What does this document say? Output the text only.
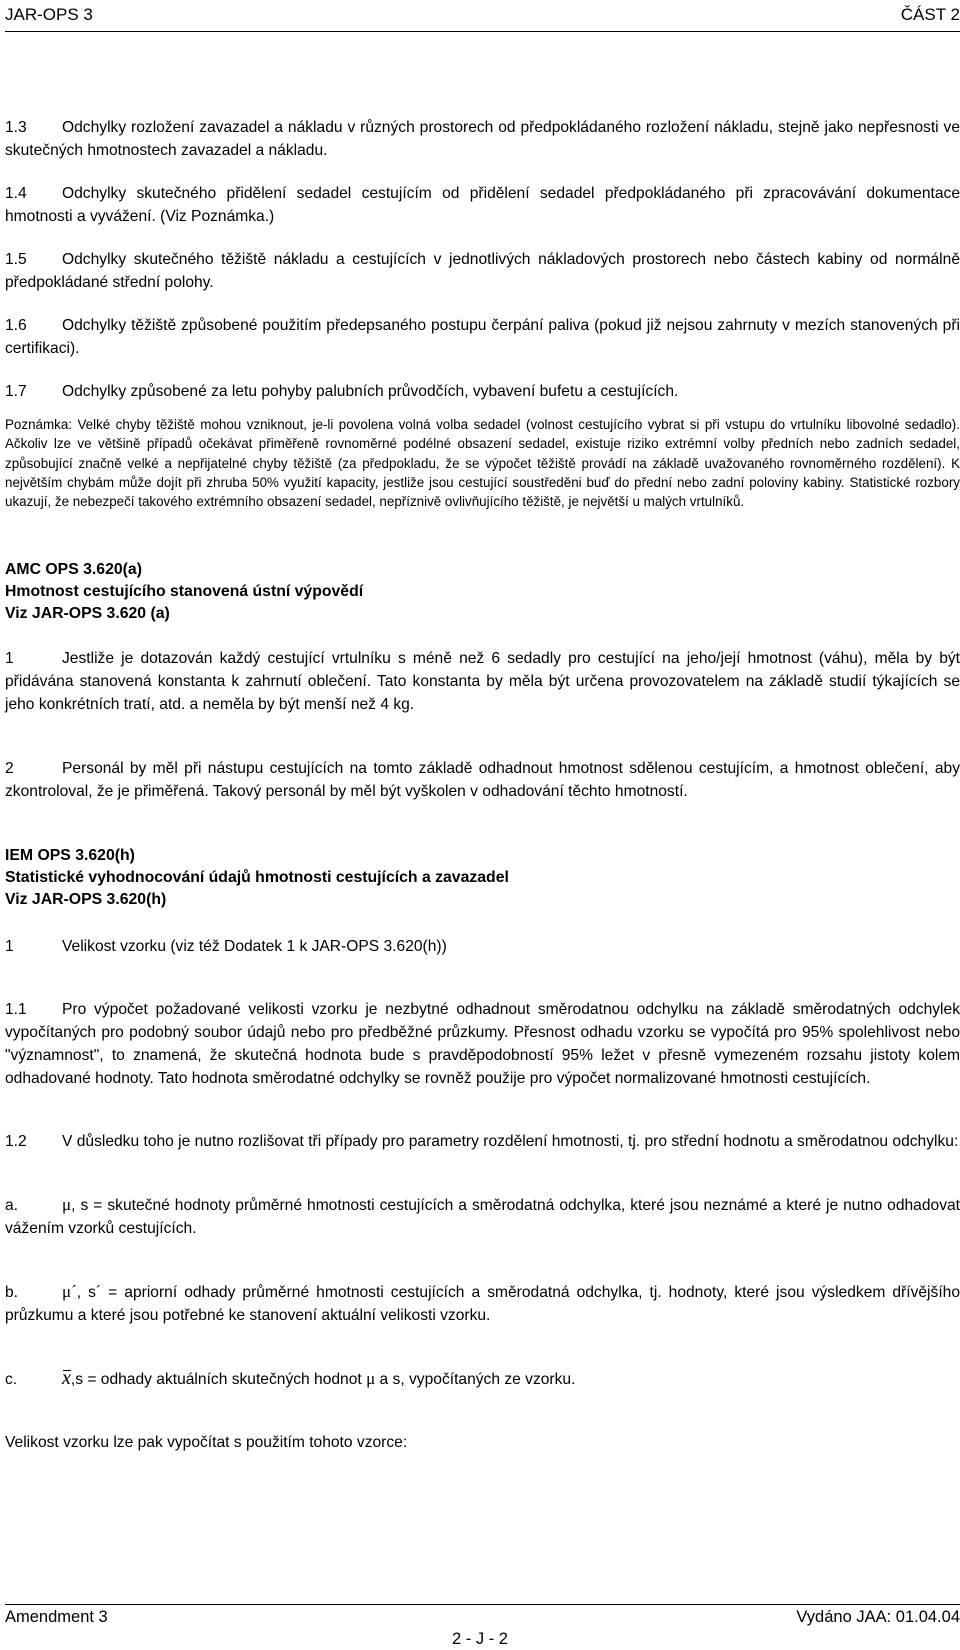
JAR-OPS 3	ČÁST 2

1.3 Odchylky rozložení zavazadel a nákladu v různých prostorech od předpokládaného rozložení nákladu, stejně jako nepřesnosti ve skutečných hmotnostech zavazadel a nákladu.

1.4 Odchylky skutečného přidělení sedadel cestujícím od přidělení sedadel předpokládaného při zpracovávání dokumentace hmotnosti a vyvážení. (Viz Poznámka.)

1.5 Odchylky skutečného těžiště nákladu a cestujících v jednotlivých nákladových prostorech nebo částech kabiny od normálně předpokládané střední polohy.

1.6 Odchylky těžiště způsobené použitím předepsaného postupu čerpání paliva (pokud již nejsou zahrnuty v mezích stanovených při certifikaci).

1.7 Odchylky způsobené za letu pohyby palubních průvodčích, vybavení bufetu a cestujících.

Poznámka: Velké chyby těžiště mohou vzniknout, je-li povolena volná volba sedadel (volnost cestujícího vybrat si při vstupu do vrtulníku libovolné sedadlo). Ačkoliv lze ve většině případů očekávat přiměřeně rovnoměrné podélné obsazení sedadel, existuje riziko extrémní volby předních nebo zadních sedadel, způsobující značně velké a nepřijatelné chyby těžiště (za předpokladu, že se výpočet těžiště provádí na základě uvažovaného rovnoměrného rozdělení). K největším chybám může dojít při zhruba 50% využití kapacity, jestliže jsou cestující soustředěni buď do přední nebo zadní poloviny kabiny. Statistické rozbory ukazují, že nebezpečí takového extrémního obsazení sedadel, nepříznivě ovlivňujícího těžiště, je největší u malých vrtulníků.

AMC OPS 3.620(a)

Hmotnost cestujícího stanovená ústní výpovědí

Viz JAR-OPS 3.620 (a)

1	Jestliže je dotazován každý cestující vrtulníku s méně než 6 sedadly pro cestující na jeho/její hmotnost (váhu), měla by být přidávána stanovená konstanta k zahrnutí oblečení. Tato konstanta by měla být určena provozovatelem na základě studií týkajících se jeho konkrétních tratí, atd. a neměla by být menší než 4 kg.

2	Personál by měl při nástupu cestujících na tomto základě odhadnout hmotnost sdělenou cestujícím, a hmotnost oblečení, aby zkontroloval, že je přiměřená. Takový personál by měl být vyškolen v odhadování těchto hmotností.

IEM OPS 3.620(h)

Statistické vyhodnocování údajů hmotnosti cestujících a zavazadel

Viz JAR-OPS 3.620(h)

1	Velikost vzorku (viz též Dodatek 1 k JAR-OPS 3.620(h))

1.1 Pro výpočet požadované velikosti vzorku je nezbytné odhadnout směrodatnou odchylku na základě směrodatných odchylek vypočítaných pro podobný soubor údajů nebo pro předběžné průzkumy. Přesnost odhadu vzorku se vypočítá pro 95% spolehlivost nebo "významnost", to znamená, že skutečná hodnota bude s pravděpodobností 95% ležet v přesně vymezeném rozsahu jistoty kolem odhadované hodnoty. Tato hodnota směrodatné odchylky se rovněž použije pro výpočet normalizované hmotnosti cestujících.

1.2 V důsledku toho je nutno rozlišovat tři případy pro parametry rozdělení hmotnosti, tj. pro střední hodnotu a směrodatnou odchylku:

a.	μ, s = skutečné hodnoty průměrné hmotnosti cestujících a směrodatná odchylka, které jsou neznámé a které je nutno odhadovat vážením vzorků cestujících.

b.	μ´, s´ = apriorní odhady průměrné hmotnosti cestujících a směrodatná odchylka, tj. hodnoty, které jsou výsledkem dřívějšího průzkumu a které jsou potřebné ke stanovení aktuální velikosti vzorku.

c. x,s = odhady aktuálních skutečných hodnot μ a s, vypočítaných ze vzorku.

Velikost vzorku lze pak vypočítat s použitím tohoto vzorce:

Amendment 3	Vydáno JAA: 01.04.04
2 - J - 2
